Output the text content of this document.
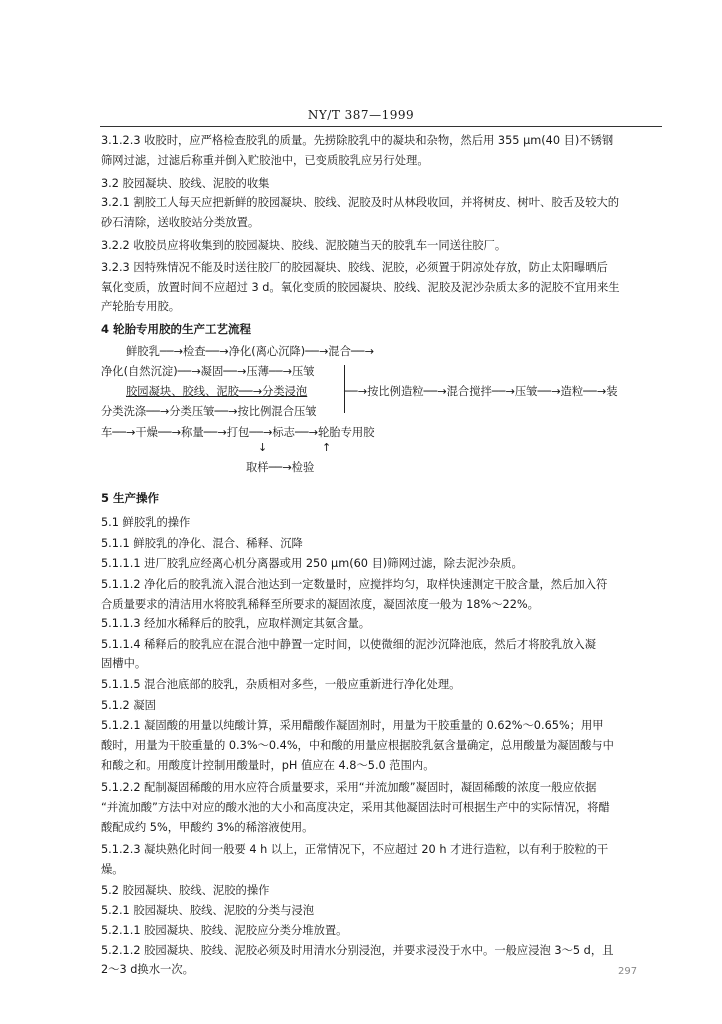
NY/T 387—1999
3.1.2.3 收胶时，应严格检查胶乳的质量。先捞除胶乳中的凝块和杂物，然后用 355 μm(40 目)不锈钢
筛网过滤，过滤后称重并倒入贮胶池中，已变质胶乳应另行处理。
3.2 胶园凝块、胶线、泥胶的收集
3.2.1 割胶工人每天应把新鲜的胶园凝块、胶线、泥胶及时从林段收回，并将树皮、树叶、胶舌及较大的
砂石清除，送收胶站分类放置。
3.2.2 收胶员应将收集到的胶园凝块、胶线、泥胶随当天的胶乳车一同送往胶厂。
3.2.3 因特殊情况不能及时送往胶厂的胶园凝块、胶线、泥胶，必须置于阴凉处存放，防止太阳曝晒后
氧化变质，放置时间不应超过 3 d。氧化变质的胶园凝块、胶线、泥胶及泥沙杂质太多的泥胶不宜用来生
产轮胎专用胶。
4 轮胎专用胶的生产工艺流程
鲜胶乳──→检查──→净化(离心沉降)──→混合──→
净化(自然沉淀)──→凝固──→压薄──→压皱
胶园凝块、胶线、泥胶──→分类浸泡	──→按比例造粒──→混合搅拌──→压皱──→造粒──→装
分类洗涤──→分类压皱──→按比例混合压皱
车──→干燥──→称量──→打包──→标志──→轮胎专用胶
↓	↑
取样──→检验
5 生产操作
5.1 鲜胶乳的操作
5.1.1 鲜胶乳的净化、混合、稀释、沉降
5.1.1.1 进厂胶乳应经离心机分离器或用 250 μm(60 目)筛网过滤，除去泥沙杂质。
5.1.1.2 净化后的胶乳流入混合池达到一定数量时，应搅拌均匀，取样快速测定干胶含量，然后加入符
合质量要求的清洁用水将胶乳稀释至所要求的凝固浓度，凝固浓度一般为 18%～22%。
5.1.1.3 经加水稀释后的胶乳，应取样测定其氨含量。
5.1.1.4 稀释后的胶乳应在混合池中静置一定时间，以使微细的泥沙沉降池底，然后才将胶乳放入凝
固槽中。
5.1.1.5 混合池底部的胶乳，杂质相对多些，一般应重新进行净化处理。
5.1.2 凝固
5.1.2.1 凝固酸的用量以纯酸计算，采用醋酸作凝固剂时，用量为干胶重量的 0.62%～0.65%；用甲
酸时，用量为干胶重量的 0.3%～0.4%，中和酸的用量应根据胶乳氨含量确定，总用酸量为凝固酸与中
和酸之和。用酸度计控制用酸量时，pH 值应在 4.8～5.0 范围内。
5.1.2.2 配制凝固稀酸的用水应符合质量要求，采用“并流加酸”凝固时，凝固稀酸的浓度一般应依据
“并流加酸”方法中对应的酸水池的大小和高度决定，采用其他凝固法时可根据生产中的实际情况，将醋
酸配成约 5%，甲酸约 3%的稀溶液使用。
5.1.2.3 凝块熟化时间一般要 4 h 以上，正常情况下，不应超过 20 h 才进行造粒，以有利于胶粒的干
燥。
5.2 胶园凝块、胶线、泥胶的操作
5.2.1 胶园凝块、胶线、泥胶的分类与浸泡
5.2.1.1 胶园凝块、胶线、泥胶应分类分堆放置。
5.2.1.2 胶园凝块、胶线、泥胶必须及时用清水分别浸泡，并要求浸没于水中。一般应浸泡 3～5 d，且
2～3 d换水一次。	297
